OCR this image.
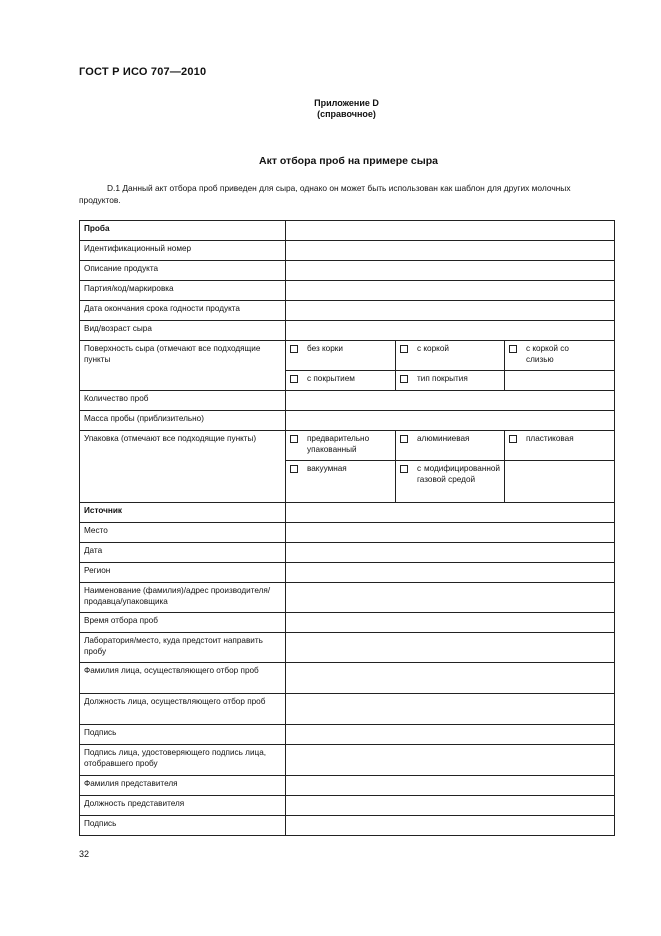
ГОСТ Р ИСО 707—2010
Приложение D
(справочное)
Акт отбора проб на примере сыра
D.1 Данный акт отбора проб приведен для сыра, однако он может быть использован как шаблон для других молочных продуктов.
Проба			
Идентификационный номер			
Описание продукта			
Партия/код/маркировка			
Дата окончания срока годности продукта			
Вид/возраст сыра			
Поверхность сыра (отмечают все подходящие пункты	без корки	с коркой	с коркой со слизью

	с покрытием	тип покрытия	

Количество проб			
Масса пробы (приблизительно)			
Упаковка (отмечают все подходящие пункты)	предварительно упакованный	алюминиевая	пластиковая

	вакуумная	с модифицированной газовой средой	

Источник			
Место			
Дата			
Регион			
Наименование (фамилия)/адрес производителя/продавца/упаковщика			
Время отбора проб			
Лаборатория/место, куда предстоит направить пробу			
Фамилия лица, осуществляющего отбор проб			
Должность лица, осуществляющего отбор проб			
Подпись			
Подпись лица, удостоверяющего подпись лица, отобравшего пробу			
Фамилия представителя			
Должность представителя			
Подпись			
32
